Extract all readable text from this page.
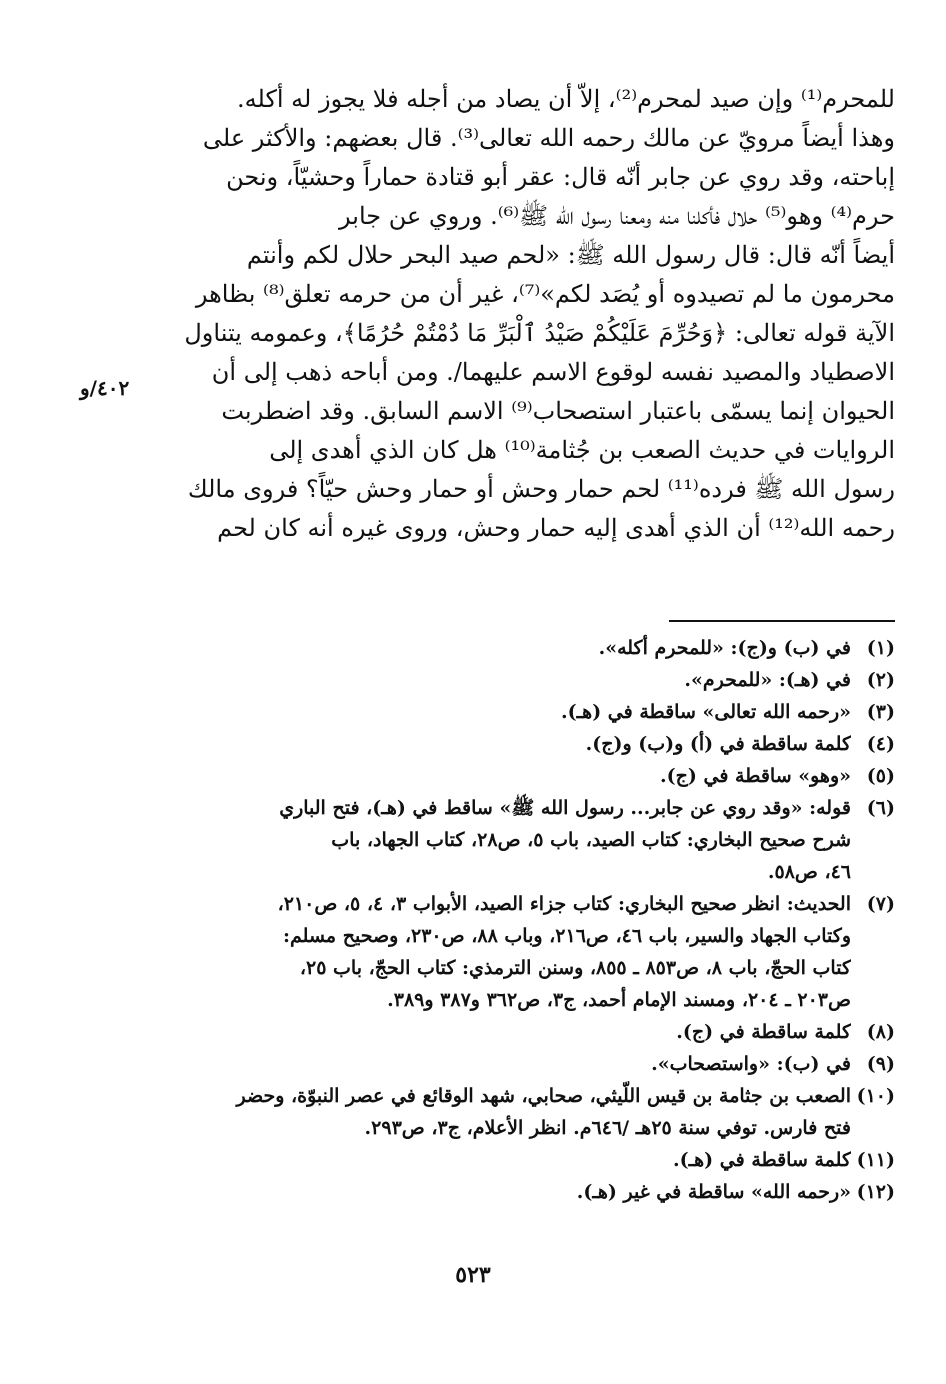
٤٠٢/و
للمحرم⁽¹⁾ وإن صيد لمحرم⁽²⁾، إلاّ أن يصاد من أجله فلا يجوز له أكله.
وهذا أيضاً مرويّ عن مالك رحمه الله تعالى⁽³⁾. قال بعضهم: والأكثر على
إباحته، وقد روي عن جابر أنّه قال: عقر أبو قتادة حماراً وحشيّاً، ونحن
حرم⁽⁴⁾ وهو⁽⁵⁾ حلال فأكلنا منه ومعنا رسول الله ﷺ⁽⁶⁾. وروي عن جابر
أيضاً أنّه قال: قال رسول الله ﷺ: «لحم صيد البحر حلال لكم وأنتم
محرمون ما لم تصيدوه أو يُصَد لكم»⁽⁷⁾، غير أن من حرمه تعلق⁽⁸⁾ بظاهر
الآية قوله تعالى: ﴿وَحُرِّمَ عَلَيْكُمْ صَيْدُ ٱلْبَرِّ مَا دُمْتُمْ حُرُمًا﴾، وعمومه يتناول
الاصطياد والمصيد نفسه لوقوع الاسم عليهما/. ومن أباحه ذهب إلى أن
الحيوان إنما يسمّى باعتبار استصحاب⁽⁹⁾ الاسم السابق. وقد اضطربت
الروايات في حديث الصعب بن جُثامة⁽¹⁰⁾ هل كان الذي أهدى إلى
رسول الله ﷺ فرده⁽¹¹⁾ لحم حمار وحش أو حمار وحش حيّاً؟ فروى مالك
رحمه الله⁽¹²⁾ أن الذي أهدى إليه حمار وحش، وروى غيره أنه كان لحم
(١)
في (ب) و(ج): «للمحرم أكله».
(٢)
في (هـ): «للمحرم».
(٣)
«رحمه الله تعالى» ساقطة في (هـ).
(٤)
كلمة ساقطة في (أ) و(ب) و(ج).
(٥)
«وهو» ساقطة في (ج).
(٦)
قوله: «وقد روي عن جابر... رسول الله ﷺ» ساقط في (هـ)، فتح الباري
شرح صحيح البخاري: كتاب الصيد، باب ٥، ص٢٨، كتاب الجهاد، باب
٤٦، ص٥٨.
(٧)
الحديث: انظر صحيح البخاري: كتاب جزاء الصيد، الأبواب ٣، ٤، ٥، ص٢١٠،
وكتاب الجهاد والسير، باب ٤٦، ص٢١٦، وباب ٨٨، ص٢٣٠، وصحيح مسلم:
كتاب الحجّ، باب ٨، ص٨٥٣ ـ ٨٥٥، وسنن الترمذي: كتاب الحجّ، باب ٢٥،
ص٢٠٣ ـ ٢٠٤، ومسند الإمام أحمد، ج٣، ص٣٦٢ و٣٨٧ و٣٨٩.
(٨)
كلمة ساقطة في (ج).
(٩)
في (ب): «واستصحاب».
(١٠)
الصعب بن جثامة بن قيس اللّيثي، صحابي، شهد الوقائع في عصر النبوّة، وحضر
فتح فارس. توفي سنة ٢٥هـ /٦٤٦م. انظر الأعلام، ج٣، ص٢٩٣.
(١١)
كلمة ساقطة في (هـ).
(١٢)
«رحمه الله» ساقطة في غير (هـ).
٥٢٣
